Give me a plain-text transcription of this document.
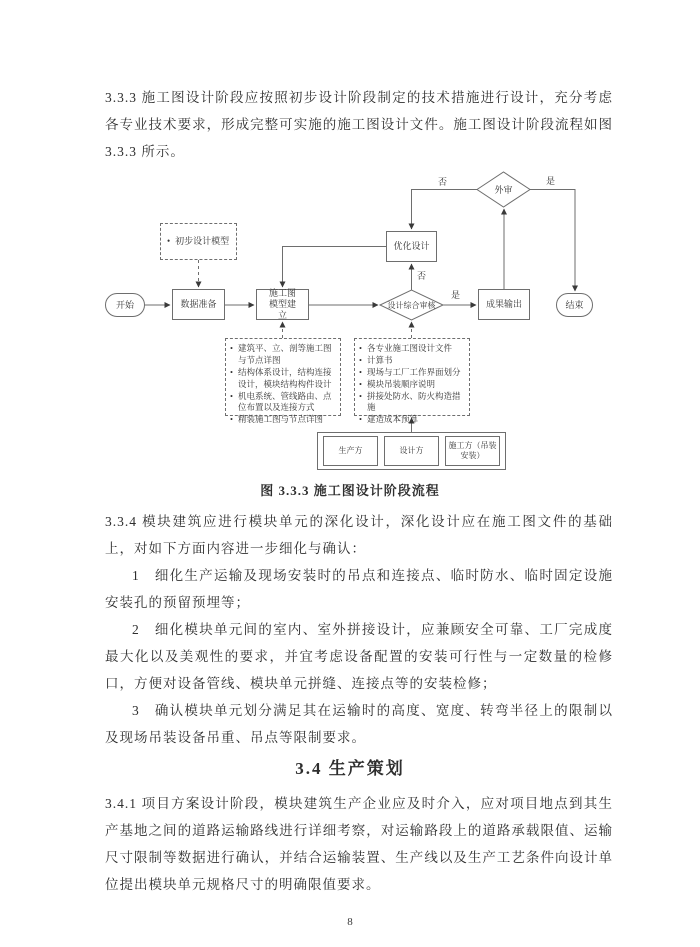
3.3.3 施工图设计阶段应按照初步设计阶段制定的技术措施进行设计，充分考虑各专业技术要求，形成完整可实施的施工图设计文件。施工图设计阶段流程如图3.3.3 所示。
开始	数据准备
• 初步设计模型
施工图模型建立
优化设计
成果输出	结束
设计综合审核
外审
否	是
否
是
• 建筑平、立、剖等施工图与节点详图
• 结构体系设计，结构连接设计，模块结构构件设计
• 机电系统、管线路由、点位布置以及连接方式
• 精装施工图与节点详图
• 各专业施工图设计文件
• 计算书
• 现场与工厂工作界面划分
• 模块吊装顺序说明
• 拼接处防水、防火构造措施
• 建造成本预算
生产方	设计方
施工方（吊装安装）
图 3.3.3 施工图设计阶段流程
3.3.4 模块建筑应进行模块单元的深化设计，深化设计应在施工图文件的基础上，对如下方面内容进一步细化与确认：
1　细化生产运输及现场安装时的吊点和连接点、临时防水、临时固定设施安装孔的预留预埋等；
2　细化模块单元间的室内、室外拼接设计，应兼顾安全可靠、工厂完成度最大化以及美观性的要求，并宜考虑设备配置的安装可行性与一定数量的检修口，方便对设备管线、模块单元拼缝、连接点等的安装检修；
3　确认模块单元划分满足其在运输时的高度、宽度、转弯半径上的限制以及现场吊装设备吊重、吊点等限制要求。
3.4 生产策划
3.4.1 项目方案设计阶段，模块建筑生产企业应及时介入，应对项目地点到其生产基地之间的道路运输路线进行详细考察，对运输路段上的道路承载限值、运输尺寸限制等数据进行确认，并结合运输装置、生产线以及生产工艺条件向设计单位提出模块单元规格尺寸的明确限值要求。
8
